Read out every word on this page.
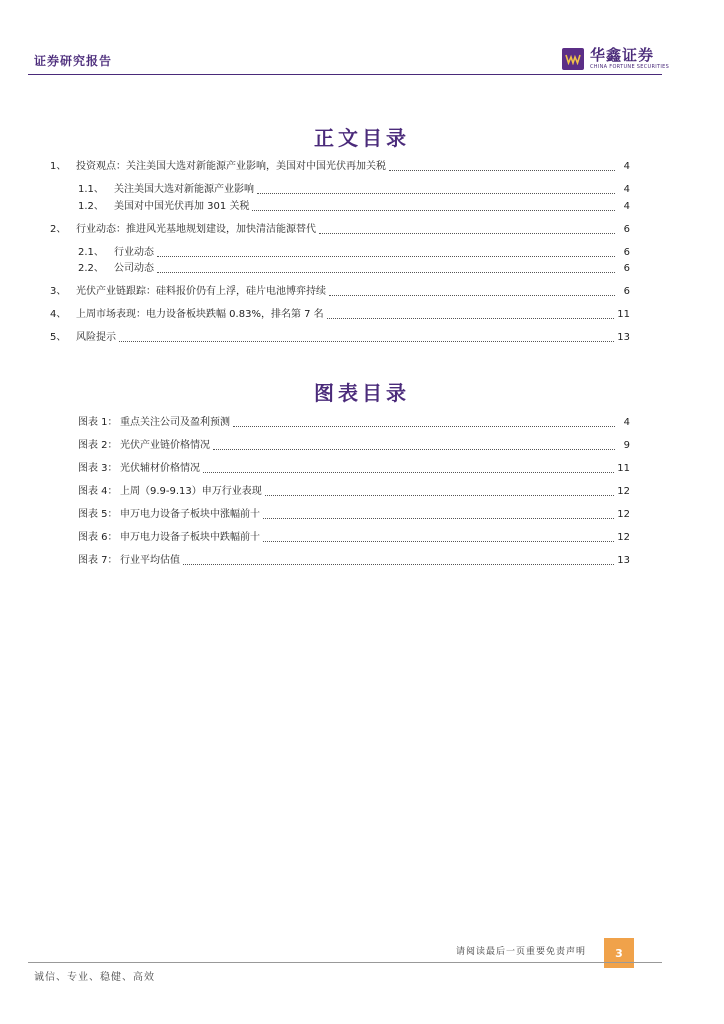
证券研究报告	华鑫证券
CHINA FORTUNE SECURITIES
正文目录
1、 投资观点：关注美国大选对新能源产业影响，美国对中国光伏再加关税	4
1.1、	关注美国大选对新能源产业影响	4
1.2、	美国对中国光伏再加 301 关税	4
2、 行业动态：推进风光基地规划建设，加快清洁能源替代	6
2.1、	行业动态	6
2.2、	公司动态	6
3、 光伏产业链跟踪：硅料报价仍有上浮，硅片电池博弈持续	6
4、 上周市场表现：电力设备板块跌幅 0.83%，排名第 7 名	11
5、 风险提示	13
图表目录
图表 1： 重点关注公司及盈利预测	4
图表 2： 光伏产业链价格情况	9
图表 3： 光伏辅材价格情况	11
图表 4： 上周（9.9-9.13）申万行业表现	12
图表 5： 申万电力设备子板块中涨幅前十	12
图表 6： 申万电力设备子板块中跌幅前十	12
图表 7： 行业平均估值	13
请阅读最后一页重要免责声明	3
诚信、专业、稳健、高效
